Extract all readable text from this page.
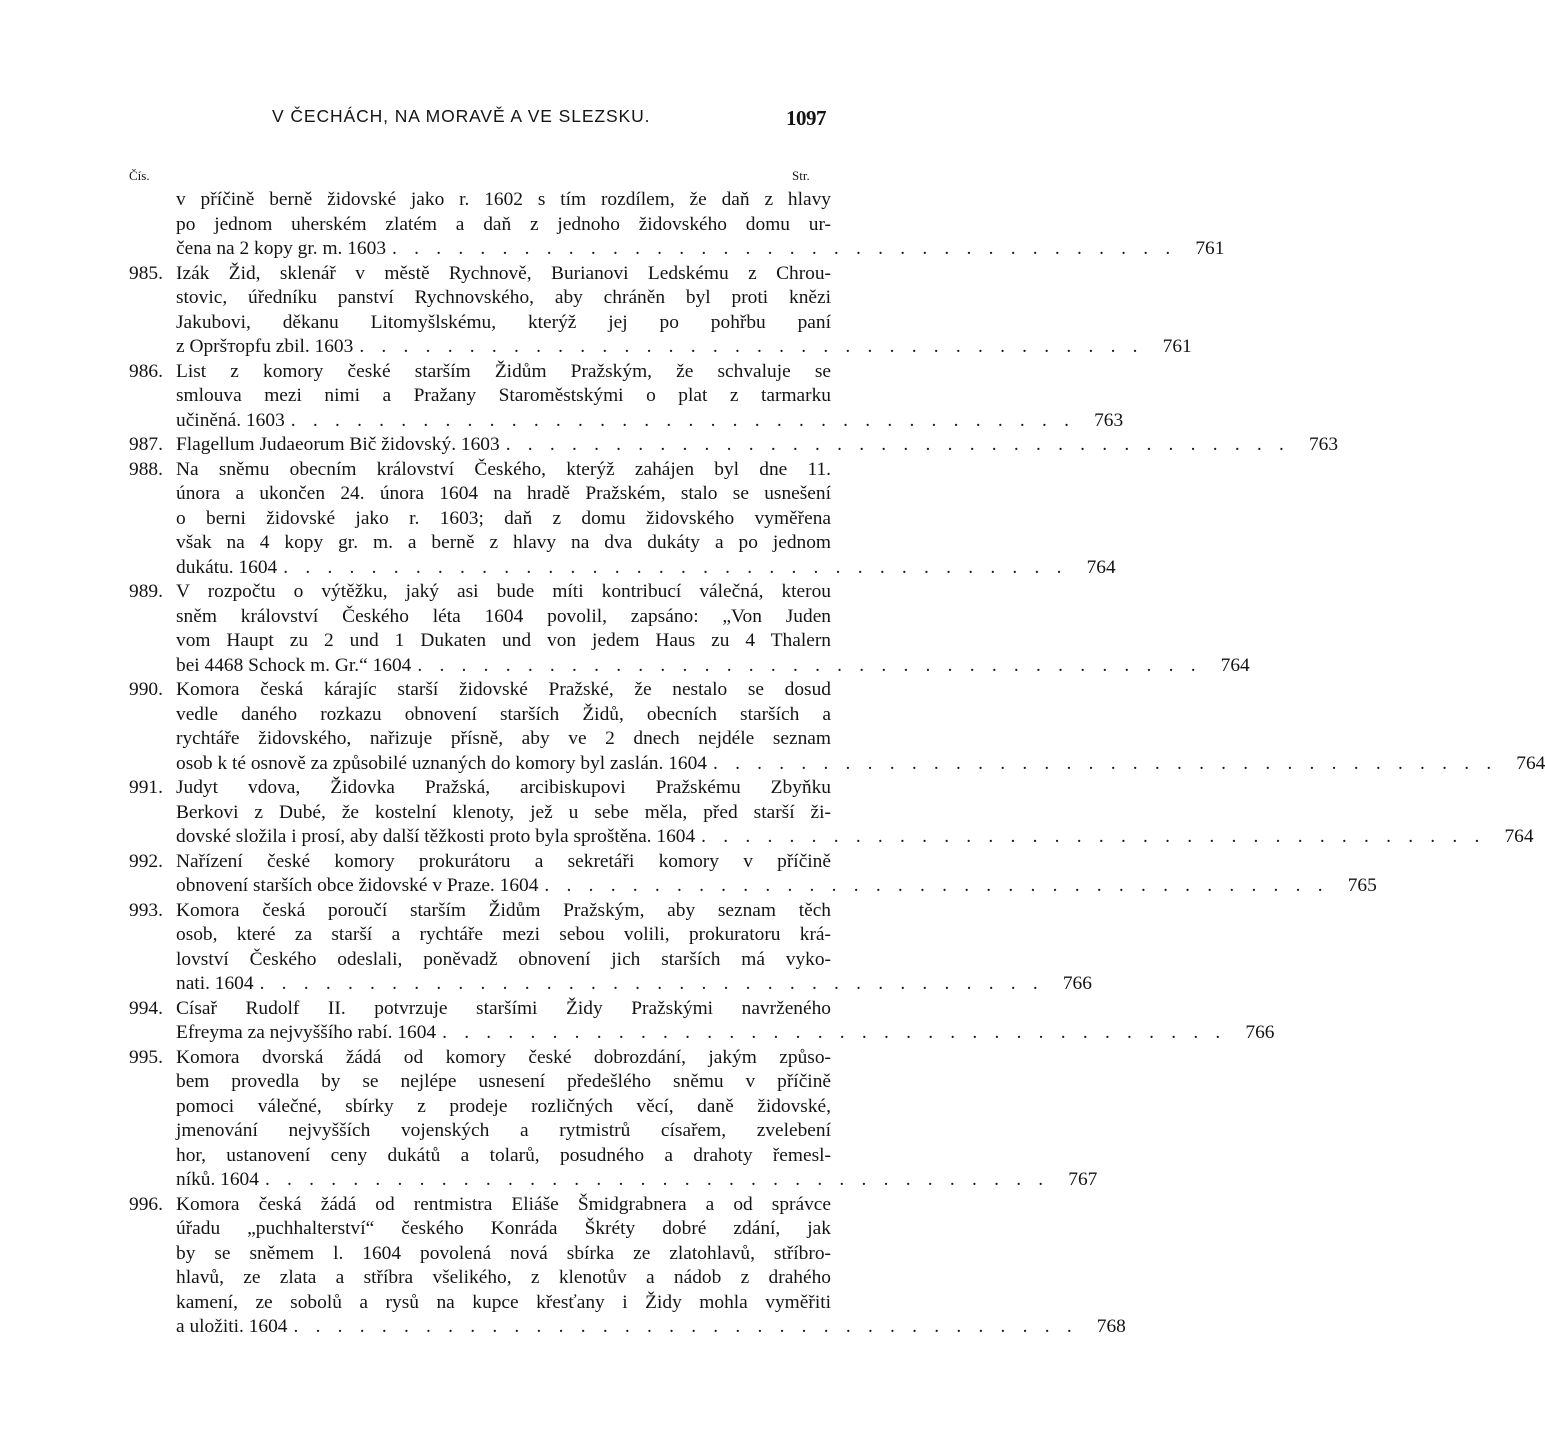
V ČECHÁCH, NA MORAVĚ A VE SLEZSKU.	1097
Čís.	Str.
v příčině berně židovské jako r. 1602 s tím rozdílem, že daň z hlavy
po jednom uherském zlatém a daň z jednoho židovského domu ur-
čena na 2 kopy gr. m. 1603 . . . . . . . . . . . . . . . . . . . . . . . . . . . . . . . . . . . . 761
985. Izák Žid, sklenář v městě Rychnově, Burianovi Ledskému z Chrou-
stovic, úředníku panství Rychnovského, aby chráněn byl proti knězi
Jakubovi, děkanu Litomyšlskému, kterýž jej po pohřbu paní
z Opršторfu zbil. 1603 . . . . . . . . . . . . . . . . . . . . . . . . . . . . . . . . . . . . 761
986. List z komory české starším Židům Pražským, že schvaluje se
smlouva mezi nimi a Pražany Staroměstskými o plat z tarmarku
učiněná. 1603 . . . . . . . . . . . . . . . . . . . . . . . . . . . . . . . . . . . . 763
987. Flagellum Judaeorum Bič židovský. 1603 . . . . . . . . . . . . . . . . . . . . . . . . . . . . . . . . . . . . 763
988. Na sněmu obecním království Českého, kterýž zahájen byl dne 11.
února a ukončen 24. února 1604 na hradě Pražském, stalo se usnešení
o berni židovské jako r. 1603; daň z domu židovského vyměřena
však na 4 kopy gr. m. a berně z hlavy na dva dukáty a po jednom
dukátu. 1604 . . . . . . . . . . . . . . . . . . . . . . . . . . . . . . . . . . . . 764
989. V rozpočtu o výtěžku, jaký asi bude míti kontribucí válečná, kterou
sněm království Českého léta 1604 povolil, zapsáno: „Von Juden
vom Haupt zu 2 und 1 Dukaten und von jedem Haus zu 4 Thalern
bei 4468 Schock m. Gr.“ 1604 . . . . . . . . . . . . . . . . . . . . . . . . . . . . . . . . . . . . 764
990. Komora česká kárajíc starší židovské Pražské, že nestalo se dosud
vedle daného rozkazu obnovení starších Židů, obecních starších a
rychtáře židovského, nařizuje přísně, aby ve 2 dnech nejdéle seznam
osob k té osnově za způsobilé uznaných do komory byl zaslán. 1604 . . . . . . . . . . . . . . . . . . . . . . . . . . . . . . . . . . . . 764
991. Judyt vdova, Židovka Pražská, arcibiskupovi Pražskému Zbyňku
Berkovi z Dubé, že kostelní klenoty, jež u sebe měla, před starší ži-
dovské složila i prosí, aby další těžkosti proto byla sproštěna. 1604 . . . . . . . . . . . . . . . . . . . . . . . . . . . . . . . . . . . . 764
992. Nařízení české komory prokurátoru a sekretáři komory v příčině
obnovení starších obce židovské v Praze. 1604 . . . . . . . . . . . . . . . . . . . . . . . . . . . . . . . . . . . . 765
993. Komora česká poroučí starším Židům Pražským, aby seznam těch
osob, které za starší a rychtáře mezi sebou volili, prokuratoru krá-
lovství Českého odeslali, poněvadž obnovení jich starších má vyko-
nati. 1604 . . . . . . . . . . . . . . . . . . . . . . . . . . . . . . . . . . . . 766
994. Císař Rudolf II. potvrzuje staršími Židy Pražskými navrženého
Efreyma za nejvyššího rabí. 1604 . . . . . . . . . . . . . . . . . . . . . . . . . . . . . . . . . . . . 766
995. Komora dvorská žádá od komory české dobrozdání, jakým způso-
bem provedla by se nejlépe usnesení předešlého sněmu v příčině
pomoci válečné, sbírky z prodeje rozličných věcí, daně židovské,
jmenování nejvyšších vojenských a rytmistrů císařem, zvelebení
hor, ustanovení ceny dukátů a tolarů, posudného a drahoty řemesl-
níků. 1604 . . . . . . . . . . . . . . . . . . . . . . . . . . . . . . . . . . . . 767
996. Komora česká žádá od rentmistra Eliáše Šmidgrabnera a od správce
úřadu „puchhalterství“ českého Konráda Škréty dobré zdání, jak
by se sněmem l. 1604 povolená nová sbírka ze zlatohlavů, stříbro-
hlavů, ze zlata a stříbra všelikého, z klenotův a nádob z drahého
kamení, ze sobolů a rysů na kupce křesťany i Židy mohla vyměřiti
a uložiti. 1604 . . . . . . . . . . . . . . . . . . . . . . . . . . . . . . . . . . . . 768
